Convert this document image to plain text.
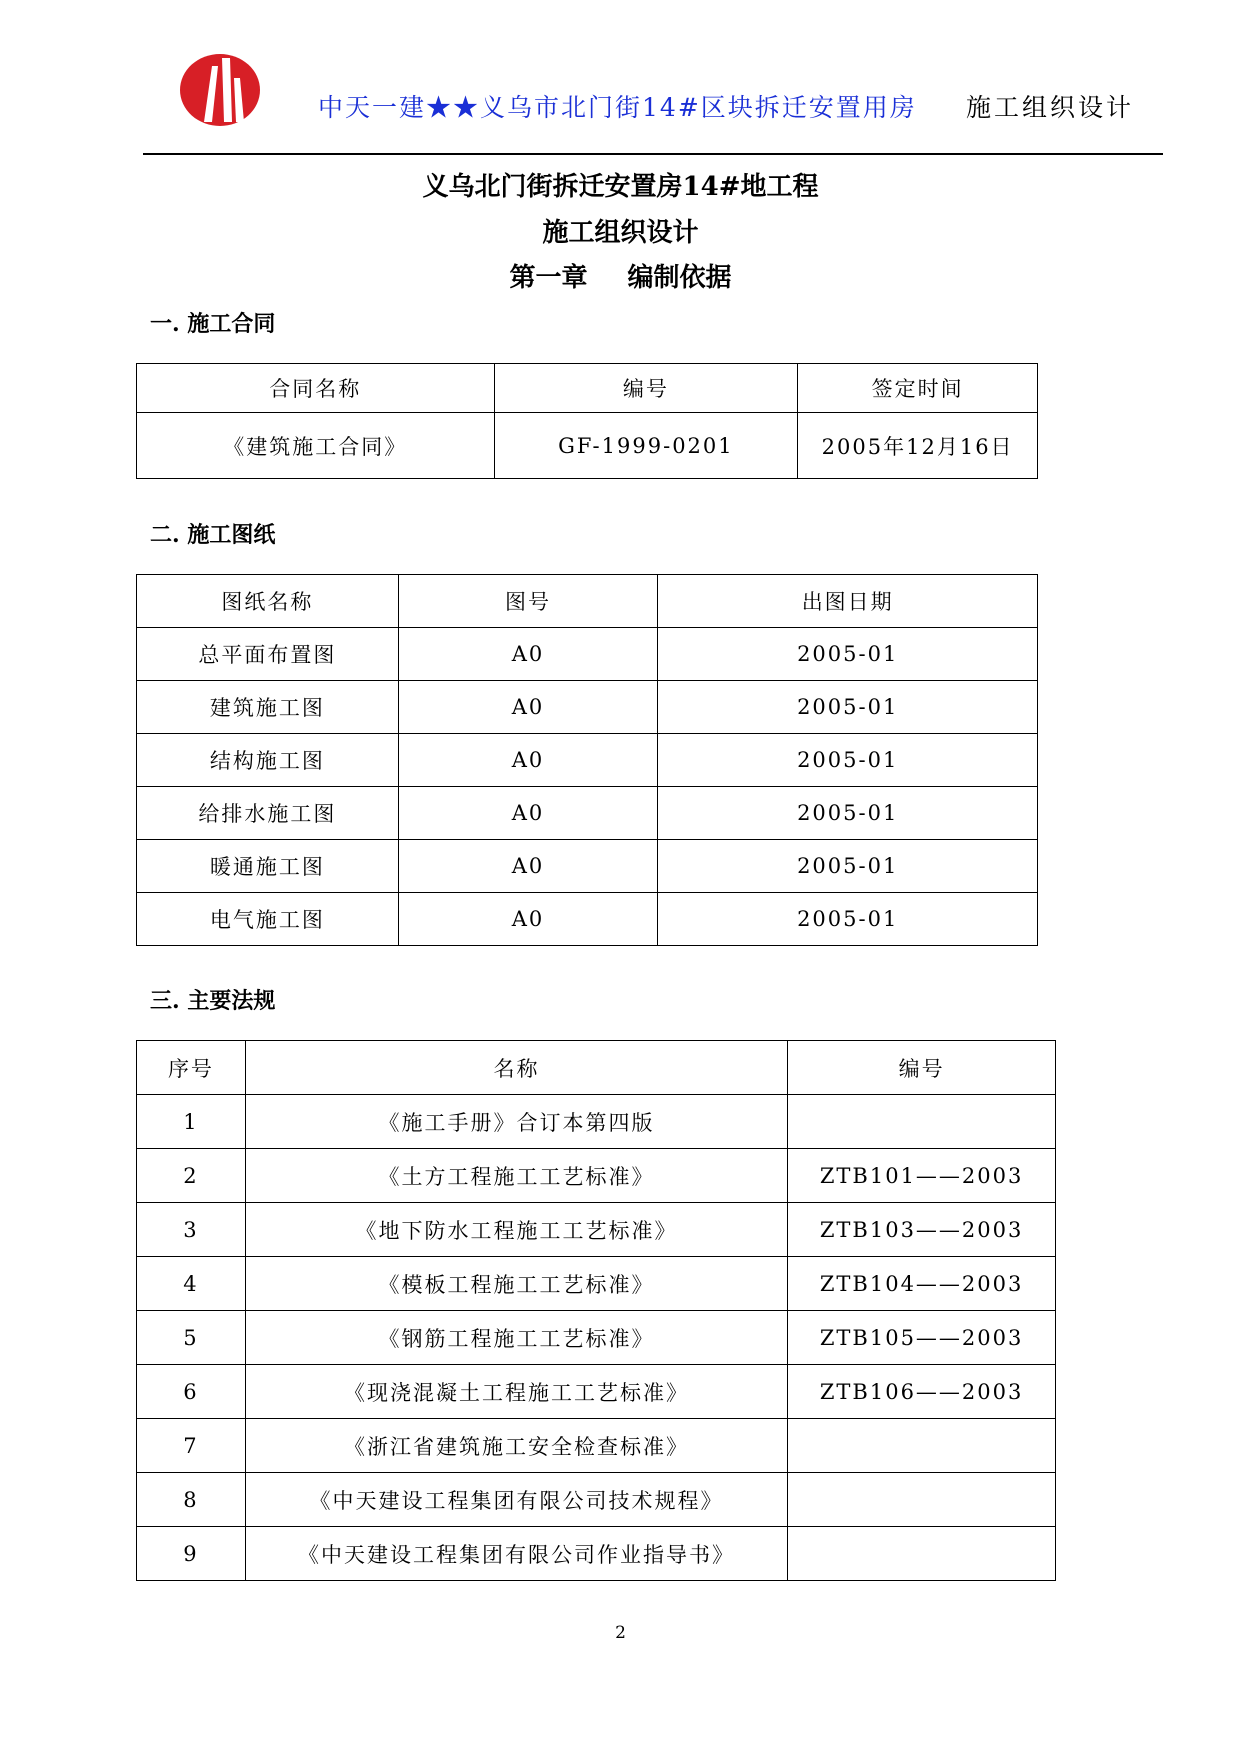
中天一建★★义乌市北门街14#区块拆迁安置用房 施工组织设计
义乌北门街拆迁安置房14#地工程
施工组织设计
第一章 编制依据
一. 施工合同
合同名称	编号	签定时间
《建筑施工合同》	GF-1999-0201	2005年12月16日
二. 施工图纸
图纸名称	图号	出图日期
总平面布置图	A0	2005-01
建筑施工图	A0	2005-01
结构施工图	A0	2005-01
给排水施工图	A0	2005-01
暖通施工图	A0	2005-01
电气施工图	A0	2005-01
三. 主要法规
序号	名称	编号
1	《施工手册》合订本第四版	
2	《土方工程施工工艺标准》	ZTB101——2003
3	《地下防水工程施工工艺标准》	ZTB103——2003
4	《模板工程施工工艺标准》	ZTB104——2003
5	《钢筋工程施工工艺标准》	ZTB105——2003
6	《现浇混凝土工程施工工艺标准》	ZTB106——2003
7	《浙江省建筑施工安全检查标准》	
8	《中天建设工程集团有限公司技术规程》	
9	《中天建设工程集团有限公司作业指导书》	
2
